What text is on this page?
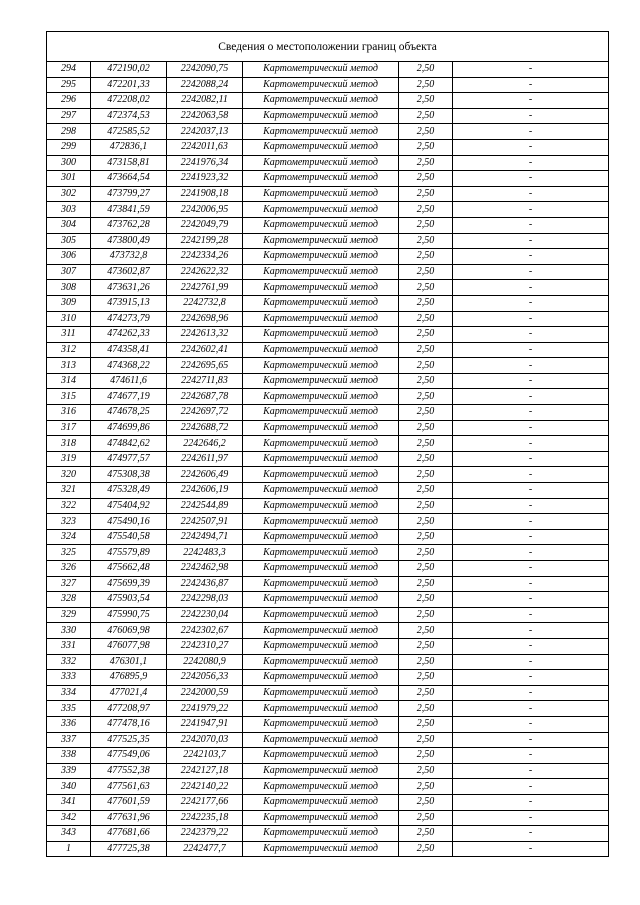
Сведения о местоположении границ объекта					
294	472190,02	2242090,75	Картометрический метод	2,50	-
295	472201,33	2242088,24	Картометрический метод	2,50	-
296	472208,02	2242082,11	Картометрический метод	2,50	-
297	472374,53	2242063,58	Картометрический метод	2,50	-
298	472585,52	2242037,13	Картометрический метод	2,50	-
299	472836,1	2242011,63	Картометрический метод	2,50	-
300	473158,81	2241976,34	Картометрический метод	2,50	-
301	473664,54	2241923,32	Картометрический метод	2,50	-
302	473799,27	2241908,18	Картометрический метод	2,50	-
303	473841,59	2242006,95	Картометрический метод	2,50	-
304	473762,28	2242049,79	Картометрический метод	2,50	-
305	473800,49	2242199,28	Картометрический метод	2,50	-
306	473732,8	2242334,26	Картометрический метод	2,50	-
307	473602,87	2242622,32	Картометрический метод	2,50	-
308	473631,26	2242761,99	Картометрический метод	2,50	-
309	473915,13	2242732,8	Картометрический метод	2,50	-
310	474273,79	2242698,96	Картометрический метод	2,50	-
311	474262,33	2242613,32	Картометрический метод	2,50	-
312	474358,41	2242602,41	Картометрический метод	2,50	-
313	474368,22	2242695,65	Картометрический метод	2,50	-
314	474611,6	2242711,83	Картометрический метод	2,50	-
315	474677,19	2242687,78	Картометрический метод	2,50	-
316	474678,25	2242697,72	Картометрический метод	2,50	-
317	474699,86	2242688,72	Картометрический метод	2,50	-
318	474842,62	2242646,2	Картометрический метод	2,50	-
319	474977,57	2242611,97	Картометрический метод	2,50	-
320	475308,38	2242606,49	Картометрический метод	2,50	-
321	475328,49	2242606,19	Картометрический метод	2,50	-
322	475404,92	2242544,89	Картометрический метод	2,50	-
323	475490,16	2242507,91	Картометрический метод	2,50	-
324	475540,58	2242494,71	Картометрический метод	2,50	-
325	475579,89	2242483,3	Картометрический метод	2,50	-
326	475662,48	2242462,98	Картометрический метод	2,50	-
327	475699,39	2242436,87	Картометрический метод	2,50	-
328	475903,54	2242298,03	Картометрический метод	2,50	-
329	475990,75	2242230,04	Картометрический метод	2,50	-
330	476069,98	2242302,67	Картометрический метод	2,50	-
331	476077,98	2242310,27	Картометрический метод	2,50	-
332	476301,1	2242080,9	Картометрический метод	2,50	-
333	476895,9	2242056,33	Картометрический метод	2,50	-
334	477021,4	2242000,59	Картометрический метод	2,50	-
335	477208,97	2241979,22	Картометрический метод	2,50	-
336	477478,16	2241947,91	Картометрический метод	2,50	-
337	477525,35	2242070,03	Картометрический метод	2,50	-
338	477549,06	2242103,7	Картометрический метод	2,50	-
339	477552,38	2242127,18	Картометрический метод	2,50	-
340	477561,63	2242140,22	Картометрический метод	2,50	-
341	477601,59	2242177,66	Картометрический метод	2,50	-
342	477631,96	2242235,18	Картометрический метод	2,50	-
343	477681,66	2242379,22	Картометрический метод	2,50	-
1	477725,38	2242477,7	Картометрический метод	2,50	-
